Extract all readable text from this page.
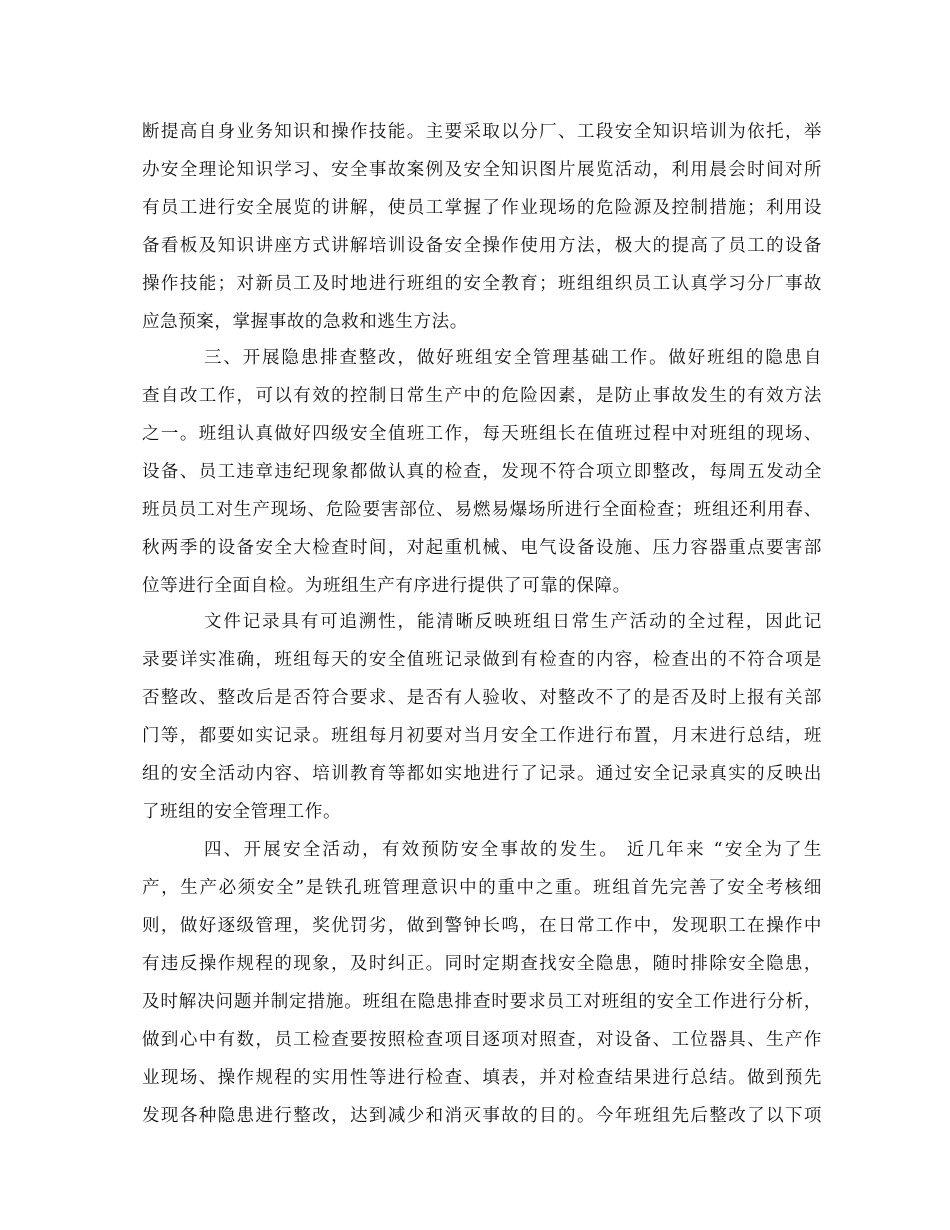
断提高自身业务知识和操作技能。主要采取以分厂、工段安全知识培训为依托，举
办安全理论知识学习、安全事故案例及安全知识图片展览活动，利用晨会时间对所
有员工进行安全展览的讲解，使员工掌握了作业现场的危险源及控制措施；利用设
备看板及知识讲座方式讲解培训设备安全操作使用方法，极大的提高了员工的设备
操作技能；对新员工及时地进行班组的安全教育；班组组织员工认真学习分厂事故
应急预案，掌握事故的急救和逃生方法。
三、开展隐患排查整改，做好班组安全管理基础工作。做好班组的隐患自
查自改工作，可以有效的控制日常生产中的危险因素，是防止事故发生的有效方法
之一。班组认真做好四级安全值班工作，每天班组长在值班过程中对班组的现场、
设备、员工违章违纪现象都做认真的检查，发现不符合项立即整改，每周五发动全
班员员工对生产现场、危险要害部位、易燃易爆场所进行全面检查；班组还利用春、
秋两季的设备安全大检查时间，对起重机械、电气设备设施、压力容器重点要害部
位等进行全面自检。为班组生产有序进行提供了可靠的保障。
文件记录具有可追溯性，能清晰反映班组日常生产活动的全过程，因此记
录要详实准确，班组每天的安全值班记录做到有检查的内容，检查出的不符合项是
否整改、整改后是否符合要求、是否有人验收、对整改不了的是否及时上报有关部
门等，都要如实记录。班组每月初要对当月安全工作进行布置，月末进行总结，班
组的安全活动内容、培训教育等都如实地进行了记录。通过安全记录真实的反映出
了班组的安全管理工作。
四、开展安全活动，有效预防安全事故的发生。 近几年来 “安全为了生
产，生产必须安全”是铁孔班管理意识中的重中之重。班组首先完善了安全考核细
则，做好逐级管理，奖优罚劣，做到警钟长鸣，在日常工作中，发现职工在操作中
有违反操作规程的现象，及时纠正。同时定期查找安全隐患，随时排除安全隐患，
及时解决问题并制定措施。班组在隐患排查时要求员工对班组的安全工作进行分析，
做到心中有数，员工检查要按照检查项目逐项对照查，对设备、工位器具、生产作
业现场、操作规程的实用性等进行检查、填表，并对检查结果进行总结。做到预先
发现各种隐患进行整改，达到减少和消灭事故的目的。今年班组先后整改了以下项
